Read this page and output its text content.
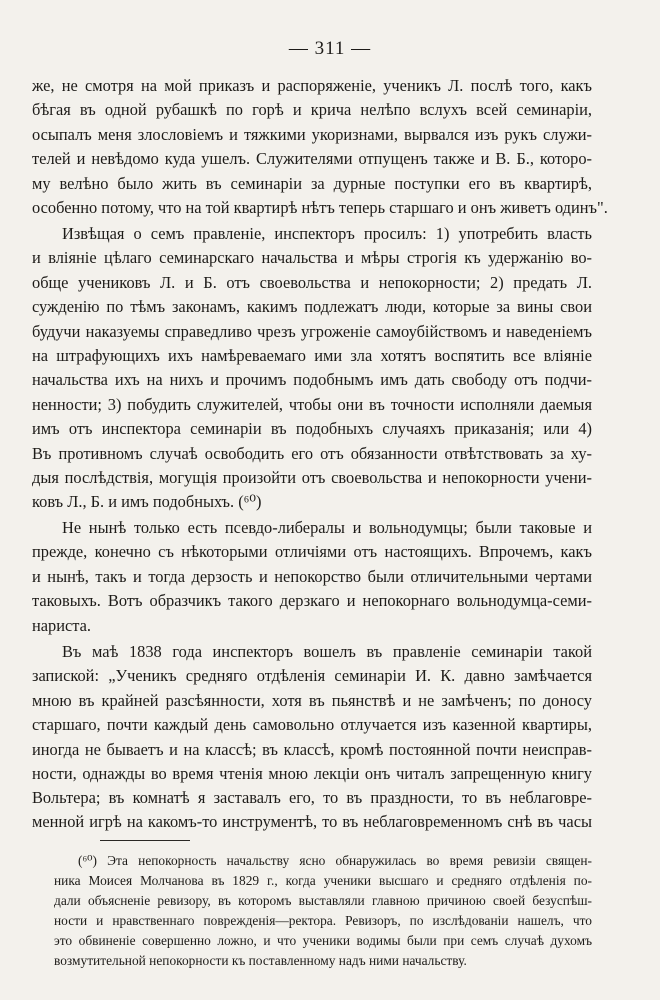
— 311 —
же, не смотря на мой приказъ и распоряженіе, ученикъ Л. послѣ того, какъ
бѣгая въ одной рубашкѣ по горѣ и крича нелѣпо вслухъ всей семинаріи,
осыпалъ меня злословіемъ и тяжкими укоризнами, вырвался изъ рукъ служи-
телей и невѣдомо куда ушелъ. Служителями отпущенъ также и В. Б., которо-
му велѣно было жить въ семинаріи за дурные поступки его въ квартирѣ,
особенно потому, что на той квартирѣ нѣтъ теперь старшаго и онъ живетъ одинъ".
Извѣщая о семъ правленіе, инспекторъ просилъ: 1) употребить власть
и вліяніе цѣлаго семинарскаго начальства и мѣры строгія къ удержанію во-
обще учениковъ Л. и Б. отъ своевольства и непокорности; 2) предать Л.
сужденію по тѣмъ законамъ, какимъ подлежатъ люди, которые за вины свои
будучи наказуемы справедливо чрезъ угроженіе самоубійствомъ и наведеніемъ
на штрафующихъ ихъ намѣреваемаго ими зла хотятъ воспятить все вліяніе
начальства ихъ на нихъ и прочимъ подобнымъ имъ дать свободу отъ подчи-
ненности; 3) побудить служителей, чтобы они въ точности исполняли даемыя
имъ отъ инспектора семинаріи въ подобныхъ случаяхъ приказанія; или 4)
Въ противномъ случаѣ освободить его отъ обязанности отвѣтствовать за ху-
дыя послѣдствія, могущія произойти отъ своевольства и непокорности учени-
ковъ Л., Б. и имъ подобныхъ. (⁶⁰)
Не нынѣ только есть псевдо-либералы и вольнодумцы; были таковые и
прежде, конечно съ нѣкоторыми отличіями отъ настоящихъ. Впрочемъ, какъ
и нынѣ, такъ и тогда дерзость и непокорство были отличительными чертами
таковыхъ. Вотъ образчикъ такого дерзкаго и непокорнаго вольнодумца-семи-
нариста.
Въ маѣ 1838 года инспекторъ вошелъ въ правленіе семинаріи такой
запиской: „Ученикъ средняго отдѣленія семинаріи И. К. давно замѣчается
мною въ крайней разсѣянности, хотя въ пьянствѣ и не замѣченъ; по доносу
старшаго, почти каждый день самовольно отлучается изъ казенной квартиры,
иногда не бываетъ и на классѣ; въ классѣ, кромѣ постоянной почти неисправ-
ности, однажды во время чтенія мною лекціи онъ читалъ запрещенную книгу
Вольтера; въ комнатѣ я заставалъ его, то въ праздности, то въ неблаговре-
менной игрѣ на какомъ-то инструментѣ, то въ неблаговременномъ снѣ въ часы
(⁶⁰) Эта непокорность начальству ясно обнаружилась во время ревизіи священ-
ника Моисея Молчанова въ 1829 г., когда ученики высшаго и средняго отдѣленія по-
дали объясненіе ревизору, въ которомъ выставляли главною причиною своей безуспѣш-
ности и нравственнаго поврежденія—ректора. Ревизоръ, по изслѣдованіи нашелъ, что
это обвиненіе совершенно ложно, и что ученики водимы были при семъ случаѣ духомъ
возмутительной непокорности къ поставленному надъ ними начальству.
